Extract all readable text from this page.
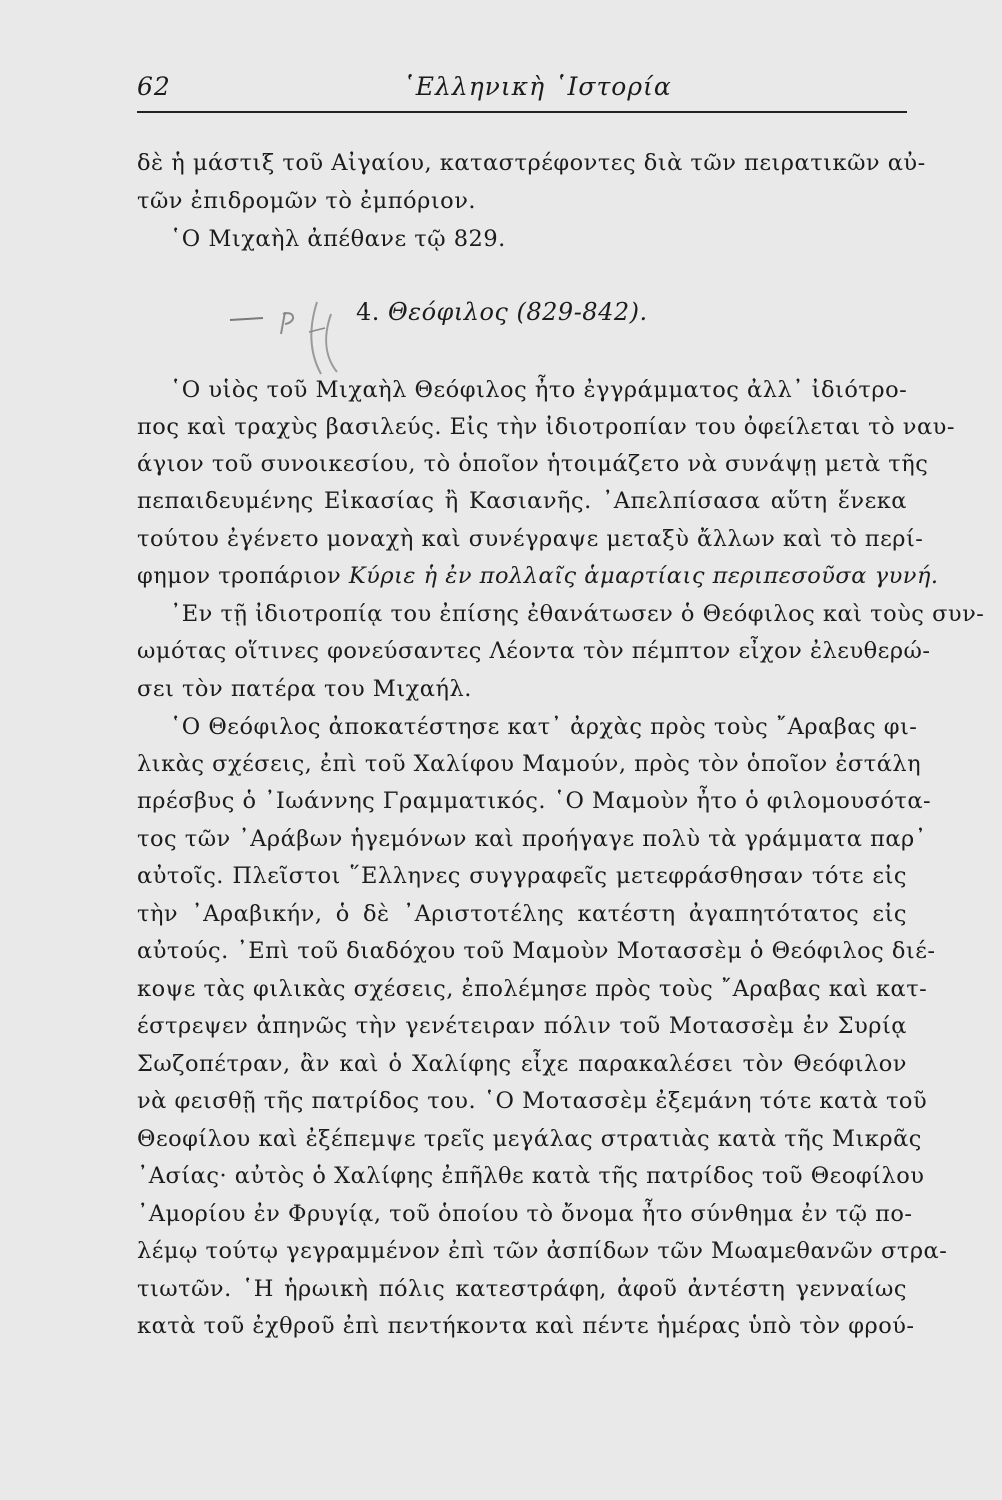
62	῾Ελληνικὴ ῾Ιστορία
δὲ ἡ μάστιξ τοῦ Αἰγαίου, καταστρέφοντες διὰ τῶν πειρατικῶν αὐ-
τῶν ἐπιδρομῶν τὸ ἐμπόριον.
῾Ο Μιχαὴλ ἀπέθανε τῷ 829.
4. Θεόφιλος (829-842).
῾Ο υἱὸς τοῦ Μιχαὴλ Θεόφιλος ἦτο ἐγγράμματος ἀλλ᾽ ἰδιότρο-
πος καὶ τραχὺς βασιλεύς. Εἰς τὴν ἰδιοτροπίαν του ὀφείλεται τὸ ναυ-
άγιον τοῦ συνοικεσίου, τὸ ὁποῖον ἡτοιμάζετο νὰ συνάψῃ μετὰ τῆς
πεπαιδευμένης Εἰκασίας ἢ Κασιανῆς. ᾽Απελπίσασα αὕτη ἕνεκα
τούτου ἐγένετο μοναχὴ καὶ συνέγραψε μεταξὺ ἄλλων καὶ τὸ περί-
φημον τροπάριον Κύριε ἡ ἐν πολλαῖς ἁμαρτίαις περιπεσοῦσα γυνή.
᾽Εν τῇ ἰδιοτροπίᾳ του ἐπίσης ἐθανάτωσεν ὁ Θεόφιλος καὶ τοὺς συν-
ωμότας οἵτινες φονεύσαντες Λέοντα τὸν πέμπτον εἶχον ἐλευθερώ-
σει τὸν πατέρα του Μιχαήλ.
῾Ο Θεόφιλος ἀποκατέστησε κατ᾽ ἀρχὰς πρὸς τοὺς ῎Αραβας φι-
λικὰς σχέσεις, ἐπὶ τοῦ Χαλίφου Μαμούν, πρὸς τὸν ὁποῖον ἐστάλη
πρέσβυς ὁ ᾽Ιωάννης Γραμματικός. ῾Ο Μαμοὺν ἦτο ὁ φιλομουσότα-
τος τῶν ᾽Αράβων ἡγεμόνων καὶ προήγαγε πολὺ τὰ γράμματα παρ᾽
αὐτοῖς. Πλεῖστοι ῞Ελληνες συγγραφεῖς μετεφράσθησαν τότε εἰς
τὴν ᾽Αραβικήν, ὁ δὲ ᾽Αριστοτέλης κατέστη ἀγαπητότατος εἰς
αὐτούς. ᾽Επὶ τοῦ διαδόχου τοῦ Μαμοὺν Μοτασσὲμ ὁ Θεόφιλος διέ-
κοψε τὰς φιλικὰς σχέσεις, ἐπολέμησε πρὸς τοὺς ῎Αραβας καὶ κατ-
έστρεψεν ἀπηνῶς τὴν γενέτειραν πόλιν τοῦ Μοτασσὲμ ἐν Συρίᾳ
Σωζοπέτραν, ἂν καὶ ὁ Χαλίφης εἶχε παρακαλέσει τὸν Θεόφιλον
νὰ φεισθῇ τῆς πατρίδος του. ῾Ο Μοτασσὲμ ἐξεμάνη τότε κατὰ τοῦ
Θεοφίλου καὶ ἐξέπεμψε τρεῖς μεγάλας στρατιὰς κατὰ τῆς Μικρᾶς
᾽Ασίας· αὐτὸς ὁ Χαλίφης ἐπῆλθε κατὰ τῆς πατρίδος τοῦ Θεοφίλου
᾽Αμορίου ἐν Φρυγίᾳ, τοῦ ὁποίου τὸ ὄνομα ἦτο σύνθημα ἐν τῷ πο-
λέμῳ τούτῳ γεγραμμένον ἐπὶ τῶν ἀσπίδων τῶν Μωαμεθανῶν στρα-
τιωτῶν. ῾Η ἡρωικὴ πόλις κατεστράφη, ἀφοῦ ἀντέστη γενναίως
κατὰ τοῦ ἐχθροῦ ἐπὶ πεντήκοντα καὶ πέντε ἡμέρας ὑπὸ τὸν φρού-
